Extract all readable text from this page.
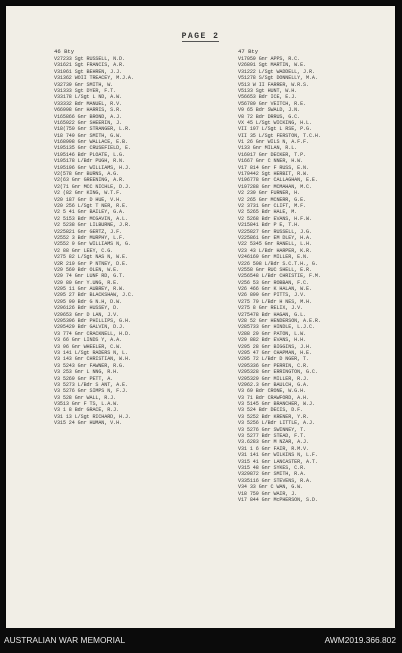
PAGE 2
46 Bty
V27233 Sgt RUSSELL, N.D.
V31621 Sgt FRANCIS, A.R.
V31061 Sgt BEHREN, J.J.
V31362 WOII TREACEY, M.J.A.
V32739 Gnr SMITH, W.
V31333 Sgt DYER, F.T.
V33178 L/Sgt L ND, A.W.
V33332 Bdr MANUEL, R.V.
V66998 Gnr HARRIS, S.R.
V165866 Gnr BROND, A.J.
V165022 Gnr SHEERIN, J.
V18(750 Gnr STRANGER, L.R.
V18 749 Gnr SMITH, G.W.
V168998 Gnr WALLACE, E.B.
V195135 Gnr CRUSEFIELD, E.
V195146 Bdr PLOATE, L.G.
V195178 L/Bdr PUGH, R.N.
V195196 Gnr WILLIAMS, H.J.
V2(578 Gnr BURNS, A.G.
V2(63 Gnr GREENING, A.R.
V2(71 Gnr MCC NICHLE, D.J.
V2 (82 Gnr KING, W.T.F.
V20 187 Gnr D HUE, V.H.
V20 256 L/Sgt T NER, R.E.
V2 5 41 Gnr BAILEY, G.A.
V2 5153 Bdr MCGAVIN, A.L.
V2 5238 Gnr LILBURNE, J.R.
V225821 Gnr GERTZ, J.F.
V2552 3 Bdr MURPHY, L.F.
V2552 9 Gnr WILLIAMS N, G.
V2 88 Gnr LEEY, C.G.
V275 82 L/Sgt NAS N, W.E.
V2R 219 Gnr P NTNEY, D.E.
V29 569 Bdr OLEN, W.E.
V29 74 Gnr LUNF RD, G.T.
V29 80 Gnr Y.UNG, R.E.
V295 11 Gnr AUBREY, R.W.
V295 27 Bdr BLACKSHAW, J.C.
V295 90 Bdr G N.H, D.W.
V296126 Bdr HUSSEY, D.
V29653 Gnr D LAN, J.V.
V295396 Bdr PHILLIPS, G.H.
V295429 Bdr GALVIN, D.J.
V3 774 Gnr CRACKNELL, H.D.
V3 66 Gnr LINDS Y, A.A.
V3 96 Gnr WHEELER, C.W.
V3 141 L/Sgt RADERS N, L.
V3 143 Gnr CHRISTIAN, W.H.
V3 5243 Gnr FAWNER, R.G.
V3 253 Gnr L NNG, R.H.
V3 5269 Gnr PETT, A.
V3 5273 L/Bdr S ANT, A.E.
V3 5276 Gnr SIMPS N, F.J.
V3 528 Gnr WALL, R.J.
V3513 Gnr F TS, L.A.W.
V3 1 8 Bdr GRACE, R.J.
V31 13 L/Sgt RICHARD, H.J.
V315 24 Gnr HUMAN, V.H.
47 Bty
V17059 Gnr APPS, R.C.
V26891 Sgt MARTIN, W.E.
V31222 L/Sgt WADDELL, J.R.
V51278 S/Sgt DONNELLY, M.A.
V513 W II FARRER, W.R.S.
V5133 Sgt HUNT, W.H.
V56653 Bdr ICE, E.J.
V56789 Gnr VEITCH, R.E.
V9 65 Bdr SWALD, J.N.
V8 72 Bdr DRRUS, G.C.
VX 45 L/Sgt WICKING, H.L.
VII 197 L/Sgt L RSE, P.G.
VII 35 L/Sgt FERSTON, T.C.H.
V1 26 Gnr WILS N, A.F.F.
V133 Gnr MILAN, R.L.
V16017 Gnr DECKER, T.P.
V1667 Gnr C NNER, H.W.
V17 814 Gnr F RUSS, E.N.
V170442 Sgt HERBIT, R.W.
V196778 Gnr CALLAGHAN, E.E.
V197288 Gnr MCMAHAN, M.C.
V2 239 Gnr FURNER, H.
V2 265 Gnr MCNERR, G.E.
V2 3731 Gnr CLIFT, M.F.
V2 5265 Bdr HALE, M.
V2 5268 Bdr EVANS, H.F.W.
V215841 Bdr P E, T.H.
V225827 Gnr RUSSELL, J.G.
V225861 Gnr EM DLEY, H.A.
V22 5345 Gnr RANELL, L.H.
V23 43 L/Bdr HARPER, K.R.
V246169 Gnr MILLER, E.N.
V226 508 L/Bdr S.C.T.H., G.
V2558 Gnr RUC SHELL, E.R.
V256548 L/Bdr CHRISTIE, F.M.
V256 53 Gnr ROBBAN, F.C.
V26 466 Gnr K HALAN, W.E.
V26 899 Gnr PITTS, J.V.
V275 79 L/Bdr H NES, M.H.
V275 8 Gnr RELIX, J.V.
V275478 Bdr HAGAN, G.L.
V28 52 Gnr HENDERSON, A.E.R.
V285733 Gnr HINDLE, L.J.C.
V288 29 Gnr PATON, L.W.
V29 882 Bdr EVANS, H.H.
V295 28 Gnr BIGGINS, J.H.
V295 47 Gnr CHAPMAN, H.E.
V295 72 L/Bdr D NGER, T.
V295336 Gnr PERRIN, C.R.
V295328 Gnr ERRINGTON, G.C.
V295329 Gnr MILLER, R.J.
V2962.3 Gnr BAULCH, G.A.
V3 69 Bdr CRONE, W.G.H.
V3 71 Bdr CRAWFORD, A.H.
V3 5145 Gnr BRANCHER, W.J.
V3 524 Bdr DECIS, D.F.
V3 5252 Bdr KRENER, Y.R.
V3 5256 L/Bdr LITTLE, A.J.
V3 5276 Gnr SWINNEY, T.
V3 5277 Bdr STEAD, F.T.
V3.6283 Gnr M NZAR, A.J.
V31 1 6 Gnr FAIR, R.M.V.
V31 141 Gnr WILKINS N, L.F.
V315 41 Gnr LANCASTER, A.T.
V315 48 Gnr SYKES, C.R.
V329872 Gnr SMITH, R.A.
V335116 Gnr STEVENS, R.A.
V34 33 Gnr C WAN, G.W.
V18 759 Gnr WAIR, J.
V17 844 Gnr McPHERSON, S.D.
AUSTRALIAN WAR MEMORIAL	AWM2019.366.802
